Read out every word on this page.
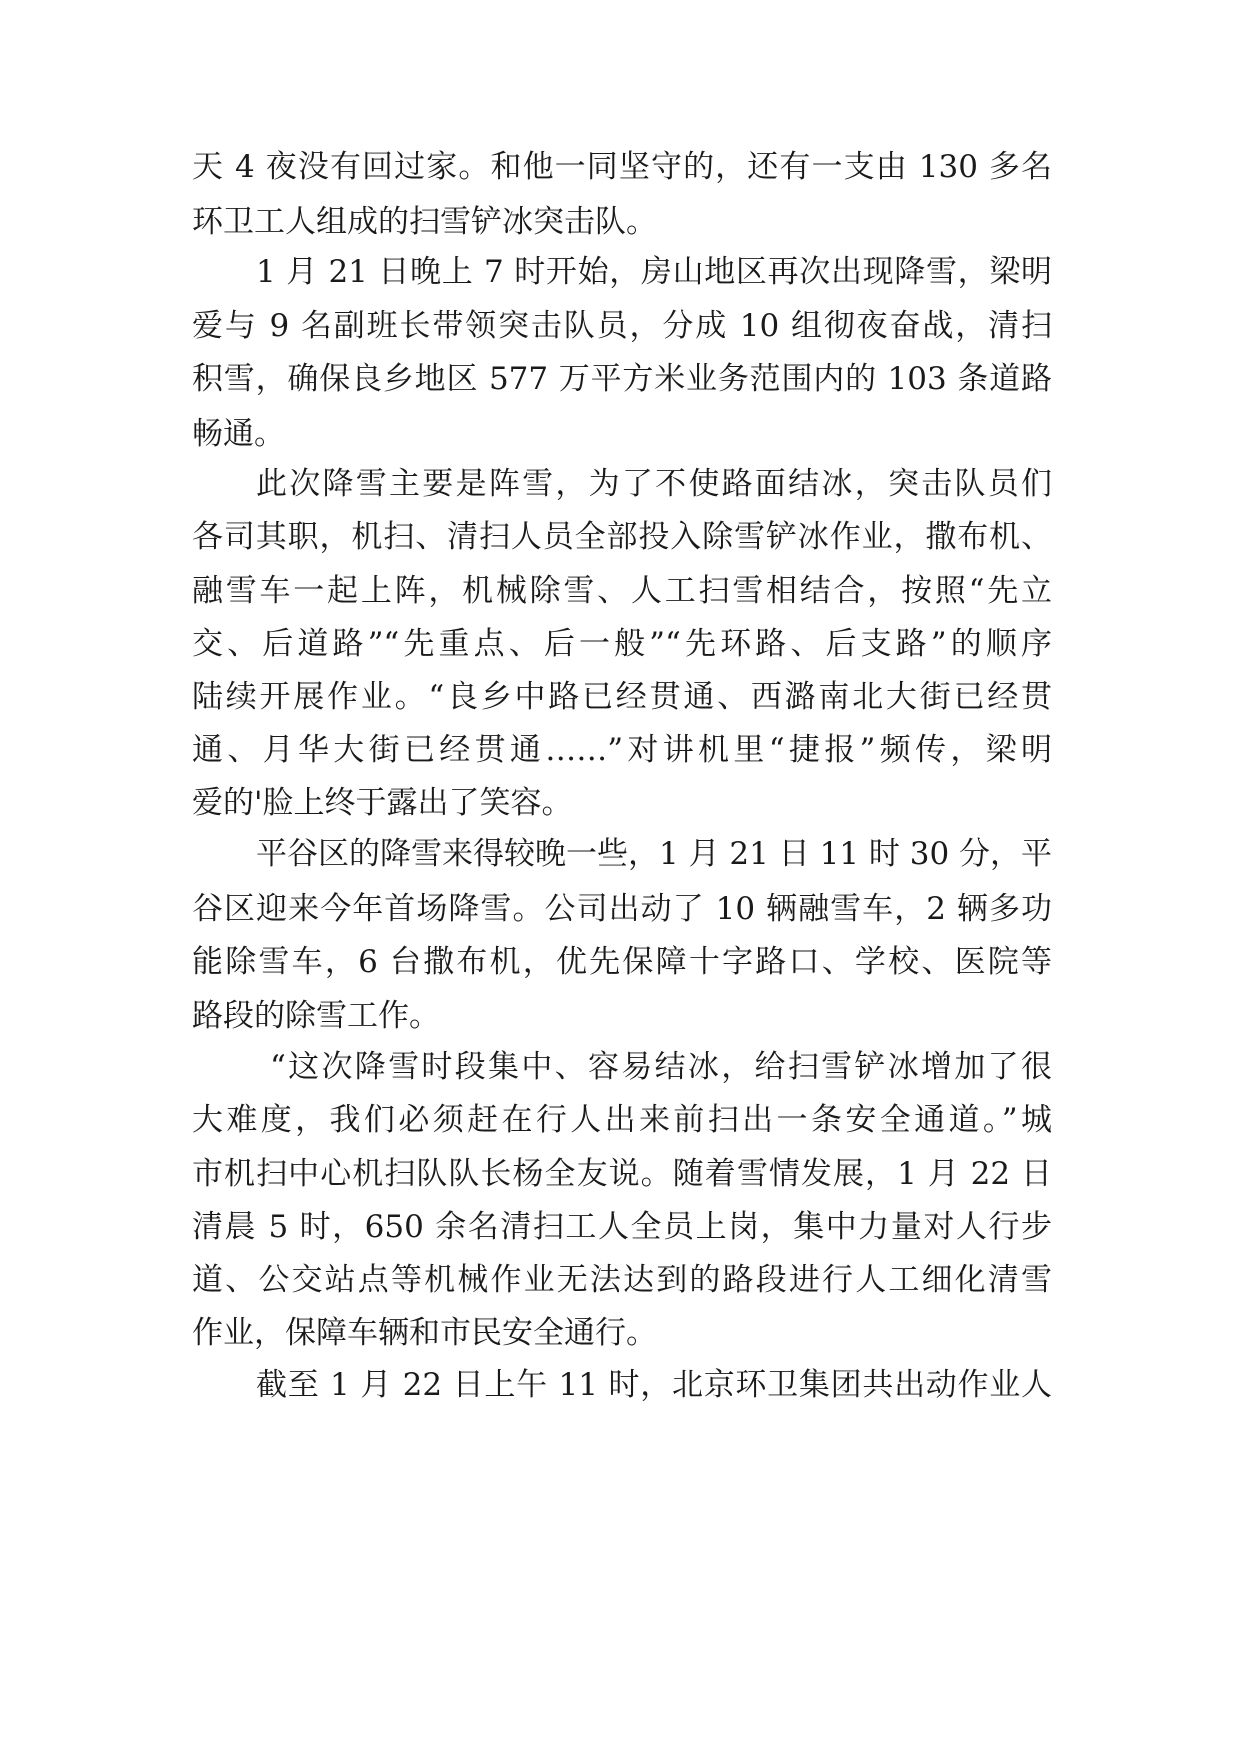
天 4 夜没有回过家。和他一同坚守的，还有一支由 130 多名
环卫工人组成的扫雪铲冰突击队。
1 月 21 日晚上 7 时开始，房山地区再次出现降雪，梁明
爱与 9 名副班长带领突击队员，分成 10 组彻夜奋战，清扫
积雪，确保良乡地区 577 万平方米业务范围内的 103 条道路
畅通。
此次降雪主要是阵雪，为了不使路面结冰，突击队员们
各司其职，机扫、清扫人员全部投入除雪铲冰作业，撒布机、
融雪车一起上阵，机械除雪、人工扫雪相结合，按照“先立
交、后道路”“先重点、后一般”“先环路、后支路”的顺序
陆续开展作业。“良乡中路已经贯通、西潞南北大街已经贯
通、月华大街已经贯通……”对讲机里“捷报”频传，梁明
爱的'脸上终于露出了笑容。
平谷区的降雪来得较晚一些，1 月 21 日 11 时 30 分，平
谷区迎来今年首场降雪。公司出动了 10 辆融雪车，2 辆多功
能除雪车，6 台撒布机，优先保障十字路口、学校、医院等
路段的除雪工作。
“这次降雪时段集中、容易结冰，给扫雪铲冰增加了很
大难度，我们必须赶在行人出来前扫出一条安全通道。”城
市机扫中心机扫队队长杨全友说。随着雪情发展，1 月 22 日
清晨 5 时，650 余名清扫工人全员上岗，集中力量对人行步
道、公交站点等机械作业无法达到的路段进行人工细化清雪
作业，保障车辆和市民安全通行。
截至 1 月 22 日上午 11 时，北京环卫集团共出动作业人
